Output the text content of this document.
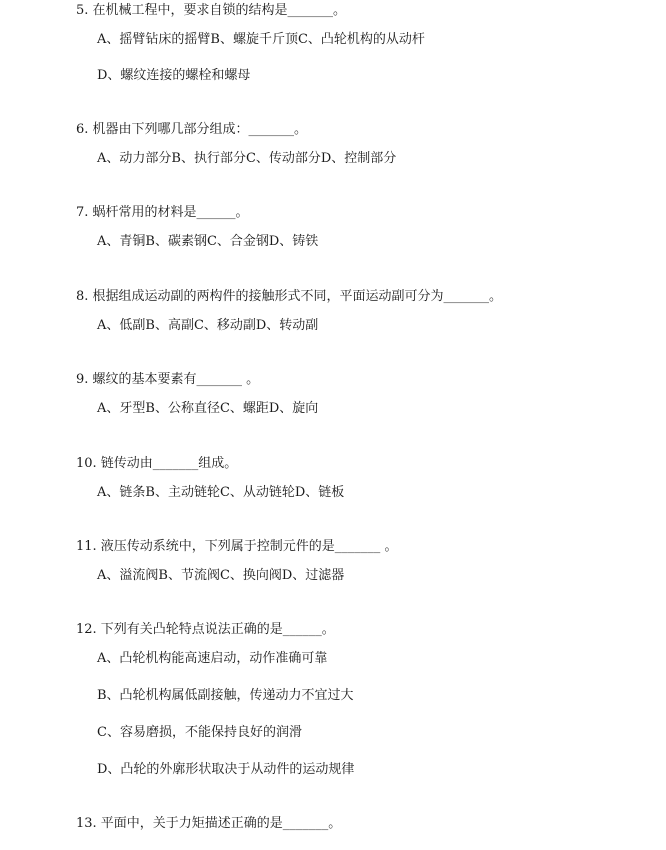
5. 在机械工程中，要求自锁的结构是_______。
A、摇臂钻床的摇臂B、螺旋千斤顶C、凸轮机构的从动杆
D、螺纹连接的螺栓和螺母
6. 机器由下列哪几部分组成：_______。
A、动力部分B、执行部分C、传动部分D、控制部分
7. 蜗杆常用的材料是______。
A、青铜B、碳素钢C、合金钢D、铸铁
8. 根据组成运动副的两构件的接触形式不同，平面运动副可分为_______。
A、低副B、高副C、移动副D、转动副
9. 螺纹的基本要素有_______ 。
A、牙型B、公称直径C、螺距D、旋向
10. 链传动由_______组成。
A、链条B、主动链轮C、从动链轮D、链板
11. 液压传动系统中，下列属于控制元件的是_______ 。
A、溢流阀B、节流阀C、换向阀D、过滤器
12. 下列有关凸轮特点说法正确的是______。
A、凸轮机构能高速启动，动作准确可靠
B、凸轮机构属低副接触，传递动力不宜过大
C、容易磨损，不能保持良好的润滑
D、凸轮的外廓形状取决于从动件的运动规律
13. 平面中，关于力矩描述正确的是_______。
